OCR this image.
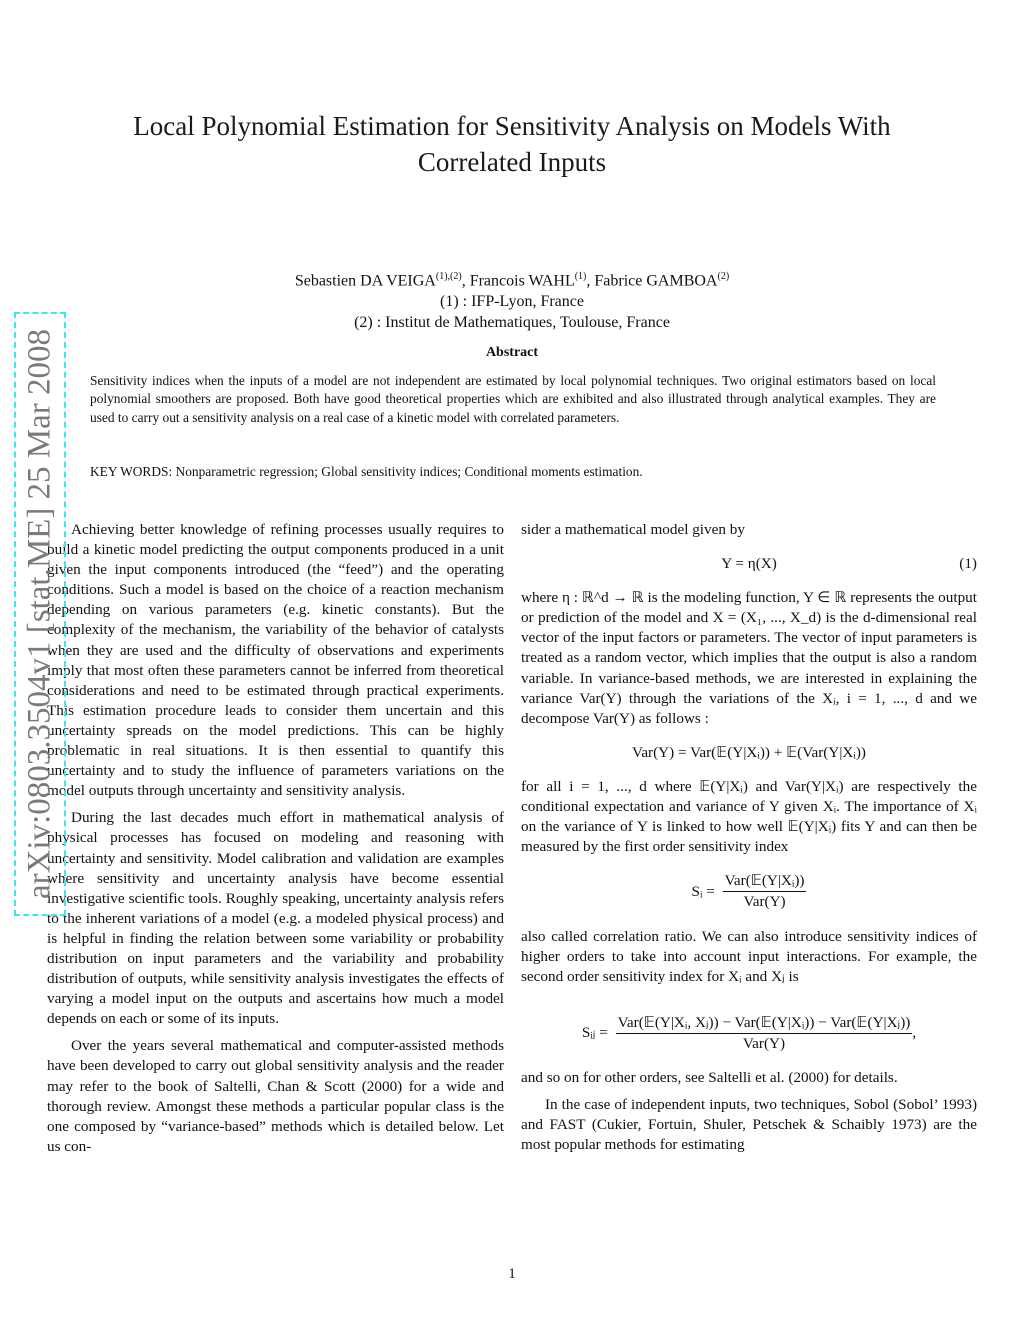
Local Polynomial Estimation for Sensitivity Analysis on Models With Correlated Inputs
Sebastien DA $VEIGA^{(1),(2)}$, Francois WAHL$^{(1)}$, Fabrice GAMBOA$^{(2)}$
(1) : IFP-Lyon, France
(2) : Institut de Mathematiques, Toulouse, France
Abstract
Sensitivity indices when the inputs of a model are not independent are estimated by local polynomial techniques. Two original estimators based on local polynomial smoothers are proposed. Both have good theoretical properties which are exhibited and also illustrated through analytical examples. They are used to carry out a sensitivity analysis on a real case of a kinetic model with correlated parameters.
KEY WORDS: Nonparametric regression; Global sensitivity indices; Conditional moments estimation.

Achieving better knowledge of refining processes usually requires to build a kinetic model predicting the output components produced in a unit given the input components introduced (the “feed”) and the operating conditions. Such a model is based on the choice of a reaction mechanism depending on various parameters (e.g. kinetic constants). But the complexity of the mechanism, the variability of the behavior of catalysts when they are used and the difficulty of observations and experiments imply that most often these parameters cannot be inferred from theoretical considerations and need to be estimated through practical experiments. This estimation procedure leads to consider them uncertain and this uncertainty spreads on the model predictions. This can be highly problematic in real situations. It is then essential to quantify this uncertainty and to study the influence of parameters variations on the model outputs through uncertainty and sensitivity analysis.

During the last decades much effort in mathematical analysis of physical processes has focused on modeling and reasoning with uncertainty and sensitivity. Model calibration and validation are examples where sensitivity and uncertainty analysis have become essential investigative scientific tools. Roughly speaking, uncertainty analysis refers to the inherent variations of a model (e.g. a modeled physical process) and is helpful in finding the relation between some variability or probability distribution on input parameters and the variability and probability distribution of outputs, while sensitivity analysis investigates the effects of varying a model input on the outputs and ascertains how much a model depends on each or some of its inputs.

Over the years several mathematical and computer-assisted methods have been developed to carry out global sensitivity analysis and the reader may refer to the book of Saltelli, Chan & Scott (2000) for a wide and thorough review. Amongst these methods a particular popular class is the one composed by “variance-based” methods which is detailed below. Let us con-

sider a mathematical model given by

Y = η(X)	(1)

where η : ℝ^d → ℝ is the modeling function, Y ∈ ℝ represents the output or prediction of the model and X = (X₁, ..., X_d) is the d-dimensional real vector of the input factors or parameters. The vector of input parameters is treated as a random vector, which implies that the output is also a random variable. In variance-based methods, we are interested in explaining the variance Var(Y) through the variations of the Xᵢ, i = 1, ..., d and we decompose Var(Y) as follows :

Var(Y) = Var(𝔼(Y|Xᵢ)) + 𝔼(Var(Y|Xᵢ))

for all i = 1, ..., d where 𝔼(Y|Xᵢ) and Var(Y|Xᵢ) are respectively the conditional expectation and variance of Y given Xᵢ. The importance of Xᵢ on the variance of Y is linked to how well 𝔼(Y|Xᵢ) fits Y and can then be measured by the first order sensitivity index

Sᵢ = $\frac{\text{Var(𝔼(Y|Xᵢ))}}{\text{Var(Y)}}$

also called correlation ratio. We can also introduce sensitivity indices of higher orders to take into account input interactions. For example, the second order sensitivity index for Xᵢ and Xⱼ is

Sᵢⱼ = $\frac{\text{Var(𝔼(Y|Xᵢ, Xⱼ)) − Var(𝔼(Y|Xᵢ)) − Var(𝔼(Y|Xⱼ))}}{\text{Var(Y)}}$ ,

and so on for other orders, see Saltelli et al. (2000) for details.

In the case of independent inputs, two techniques, Sobol (Sobol’ 1993) and FAST (Cukier, Fortuin, Shuler, Petschek & Schaibly 1973) are the most popular methods for estimating

arXiv:0803.3504v1 [stat.ME] 25 Mar 2008
1
